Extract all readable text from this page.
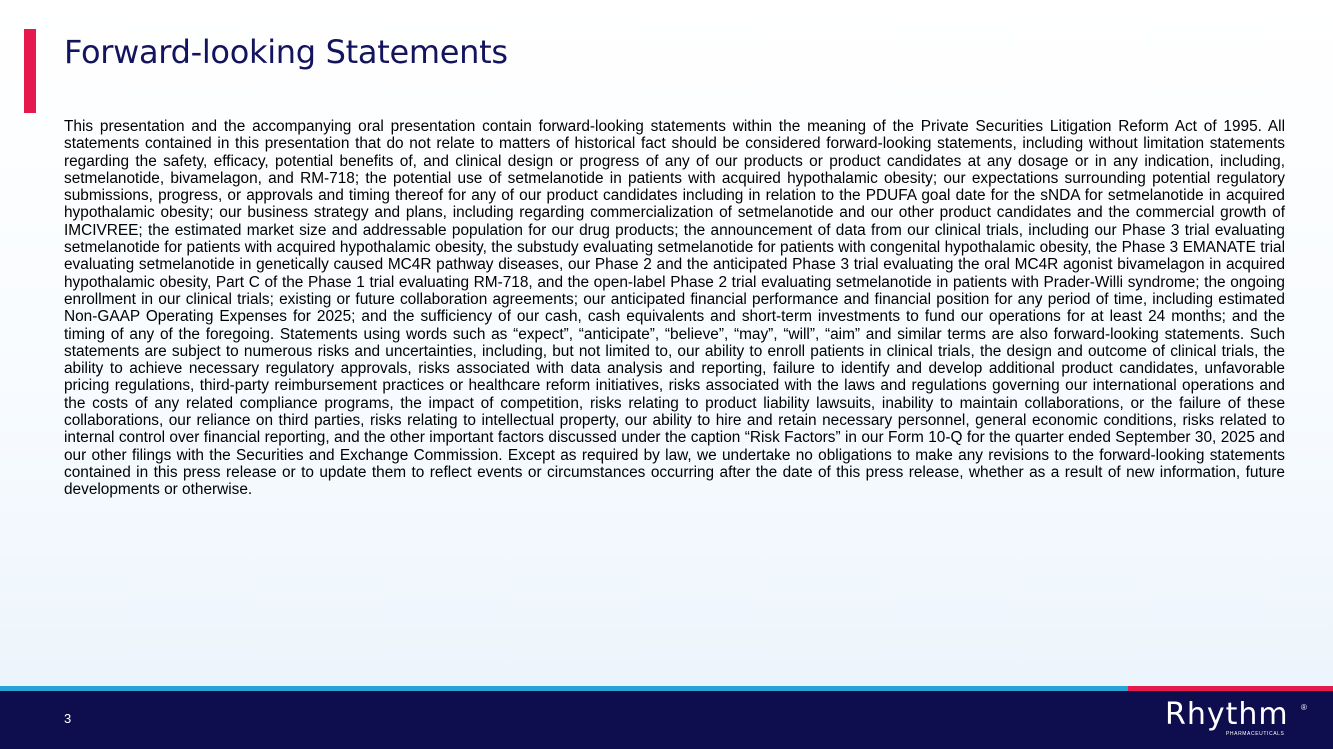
Forward-looking Statements

This presentation and the accompanying oral presentation contain forward-looking statements within the meaning of the Private Securities Litigation Reform Act of 1995. All statements contained in this presentation that do not relate to matters of historical fact should be considered forward-looking statements, including without limitation statements regarding the safety, efficacy, potential benefits of, and clinical design or progress of any of our products or product candidates at any dosage or in any indication, including, setmelanotide, bivamelagon, and RM-718; the potential use of setmelanotide in patients with acquired hypothalamic obesity; our expectations surrounding potential regulatory submissions, progress, or approvals and timing thereof for any of our product candidates including in relation to the PDUFA goal date for the sNDA for setmelanotide in acquired hypothalamic obesity; our business strategy and plans, including regarding commercialization of setmelanotide and our other product candidates and the commercial growth of IMCIVREE; the estimated market size and addressable population for our drug products; the announcement of data from our clinical trials, including our Phase 3 trial evaluating setmelanotide for patients with acquired hypothalamic obesity, the substudy evaluating setmelanotide for patients with congenital hypothalamic obesity, the Phase 3 EMANATE trial evaluating setmelanotide in genetically caused MC4R pathway diseases, our Phase 2 and the anticipated Phase 3 trial evaluating the oral MC4R agonist bivamelagon in acquired hypothalamic obesity, Part C of the Phase 1 trial evaluating RM-718, and the open-label Phase 2 trial evaluating setmelanotide in patients with Prader-Willi syndrome; the ongoing enrollment in our clinical trials; existing or future collaboration agreements; our anticipated financial performance and financial position for any period of time, including estimated Non-GAAP Operating Expenses for 2025; and the sufficiency of our cash, cash equivalents and short-term investments to fund our operations for at least 24 months; and the timing of any of the foregoing. Statements using words such as “expect”, “anticipate”, “believe”, “may”, “will”, “aim” and similar terms are also forward-looking statements. Such statements are subject to numerous risks and uncertainties, including, but not limited to, our ability to enroll patients in clinical trials, the design and outcome of clinical trials, the ability to achieve necessary regulatory approvals, risks associated with data analysis and reporting, failure to identify and develop additional product candidates, unfavorable pricing regulations, third-party reimbursement practices or healthcare reform initiatives, risks associated with the laws and regulations governing our international operations and the costs of any related compliance programs, the impact of competition, risks relating to product liability lawsuits, inability to maintain collaborations, or the failure of these collaborations, our reliance on third parties, risks relating to intellectual property, our ability to hire and retain necessary personnel, general economic conditions, risks related to internal control over financial reporting, and the other important factors discussed under the caption “Risk Factors” in our Form 10-Q for the quarter ended September 30, 2025 and our other filings with the Securities and Exchange Commission. Except as required by law, we undertake no obligations to make any revisions to the forward-looking statements contained in this press release or to update them to reflect events or circumstances occurring after the date of this press release, whether as a result of new information, future developments or otherwise.

3	Rhythm ®
PHARMACEUTICALS
